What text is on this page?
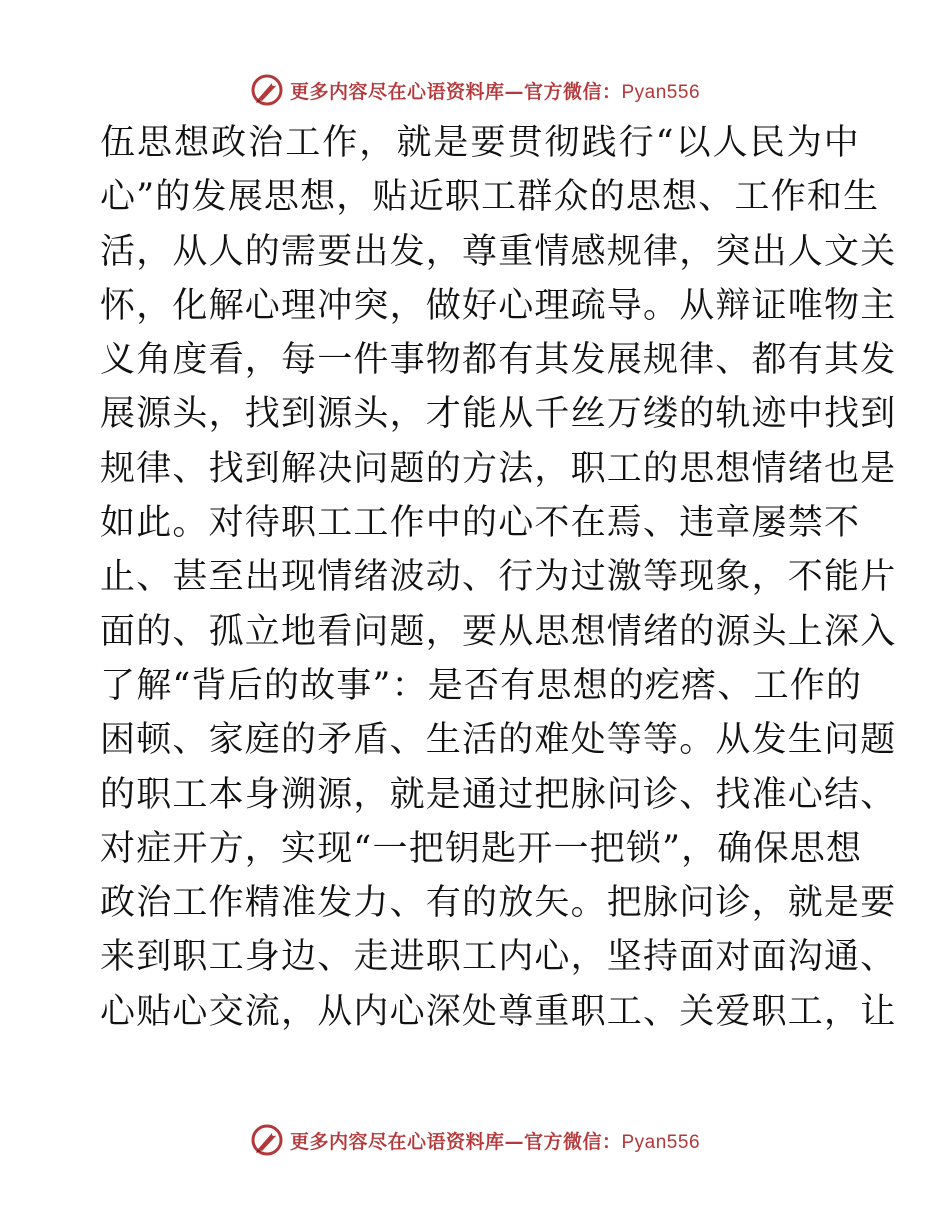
更多内容尽在心语资料库—官方微信：Pyan556
伍思想政治工作，就是要贯彻践行“以人民为中
心”的发展思想，贴近职工群众的思想、工作和生
活，从人的需要出发，尊重情感规律，突出人文关
怀，化解心理冲突，做好心理疏导。从辩证唯物主
义角度看，每一件事物都有其发展规律、都有其发
展源头，找到源头，才能从千丝万缕的轨迹中找到
规律、找到解决问题的方法，职工的思想情绪也是
如此。对待职工工作中的心不在焉、违章屡禁不
止、甚至出现情绪波动、行为过激等现象，不能片
面的、孤立地看问题，要从思想情绪的源头上深入
了解“背后的故事”：是否有思想的疙瘩、工作的
困顿、家庭的矛盾、生活的难处等等。从发生问题
的职工本身溯源，就是通过把脉问诊、找准心结、
对症开方，实现“一把钥匙开一把锁”，确保思想
政治工作精准发力、有的放矢。把脉问诊，就是要
来到职工身边、走进职工内心，坚持面对面沟通、
心贴心交流，从内心深处尊重职工、关爱职工，让
更多内容尽在心语资料库—官方微信：Pyan556
